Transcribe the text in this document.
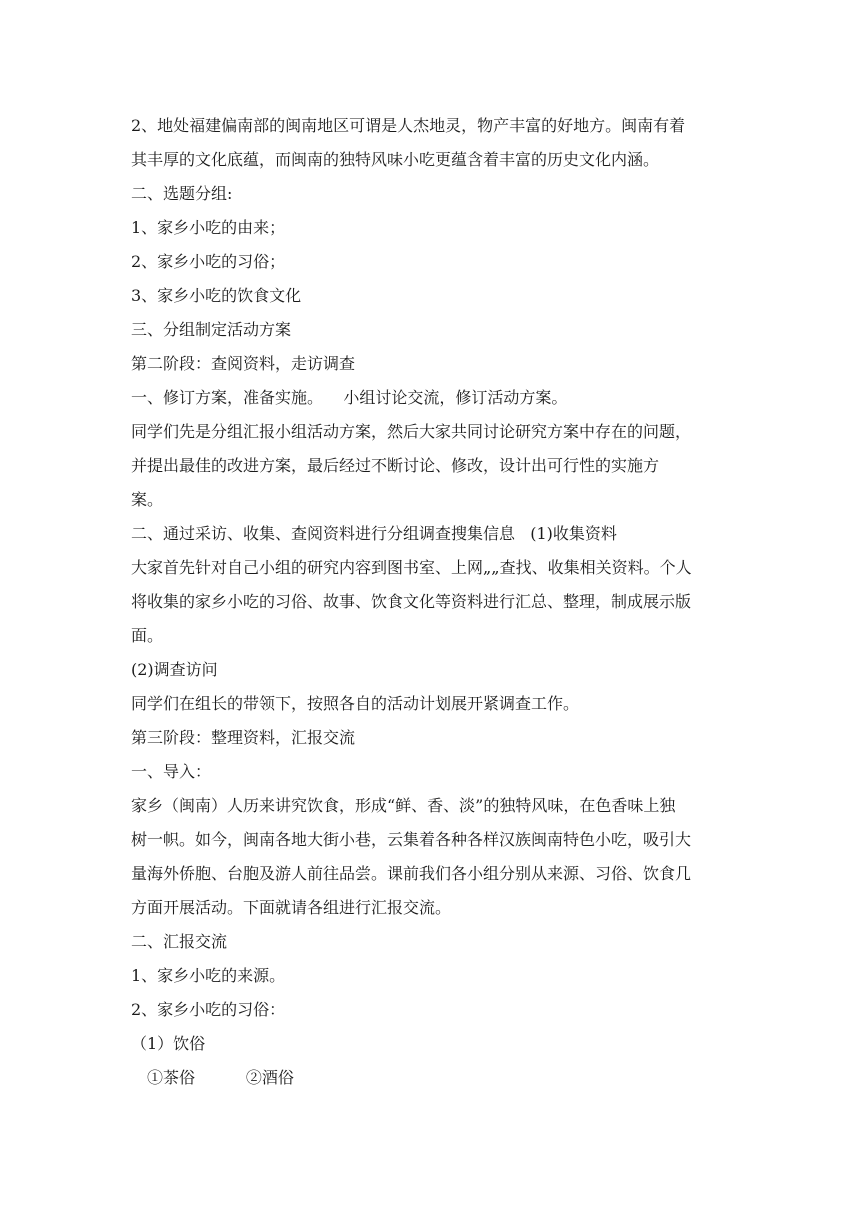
2、地处福建偏南部的闽南地区可谓是人杰地灵，物产丰富的好地方。闽南有着

其丰厚的文化底蕴，而闽南的独特风味小吃更蕴含着丰富的历史文化内涵。

二、选题分组:

1、家乡小吃的由来；

2、家乡小吃的习俗；

3、家乡小吃的饮食文化

三、分组制定活动方案

第二阶段：查阅资料，走访调查

一、修订方案，准备实施。    小组讨论交流，修订活动方案。

同学们先是分组汇报小组活动方案，然后大家共同讨论研究方案中存在的问题，

并提出最佳的改进方案，最后经过不断讨论、修改，设计出可行性的实施方

案。

二、通过采访、收集、查阅资料进行分组调查搜集信息   (1)收集资料

大家首先针对自己小组的研究内容到图书室、上网„„查找、收集相关资料。个人

将收集的家乡小吃的习俗、故事、饮食文化等资料进行汇总、整理，制成展示版

面。

(2)调查访问

同学们在组长的带领下，按照各自的活动计划展开紧调查工作。

第三阶段：整理资料，汇报交流

一、导入：

家乡（闽南）人历来讲究饮食，形成“鲜、香、淡”的独特风味，在色香味上独

树一帜。如今，闽南各地大街小巷，云集着各种各样汉族闽南特色小吃，吸引大

量海外侨胞、台胞及游人前往品尝。课前我们各小组分别从来源、习俗、饮食几

方面开展活动。下面就请各组进行汇报交流。

二、汇报交流

1、家乡小吃的来源。

2、家乡小吃的习俗：

（1）饮俗

①茶俗          ②酒俗
